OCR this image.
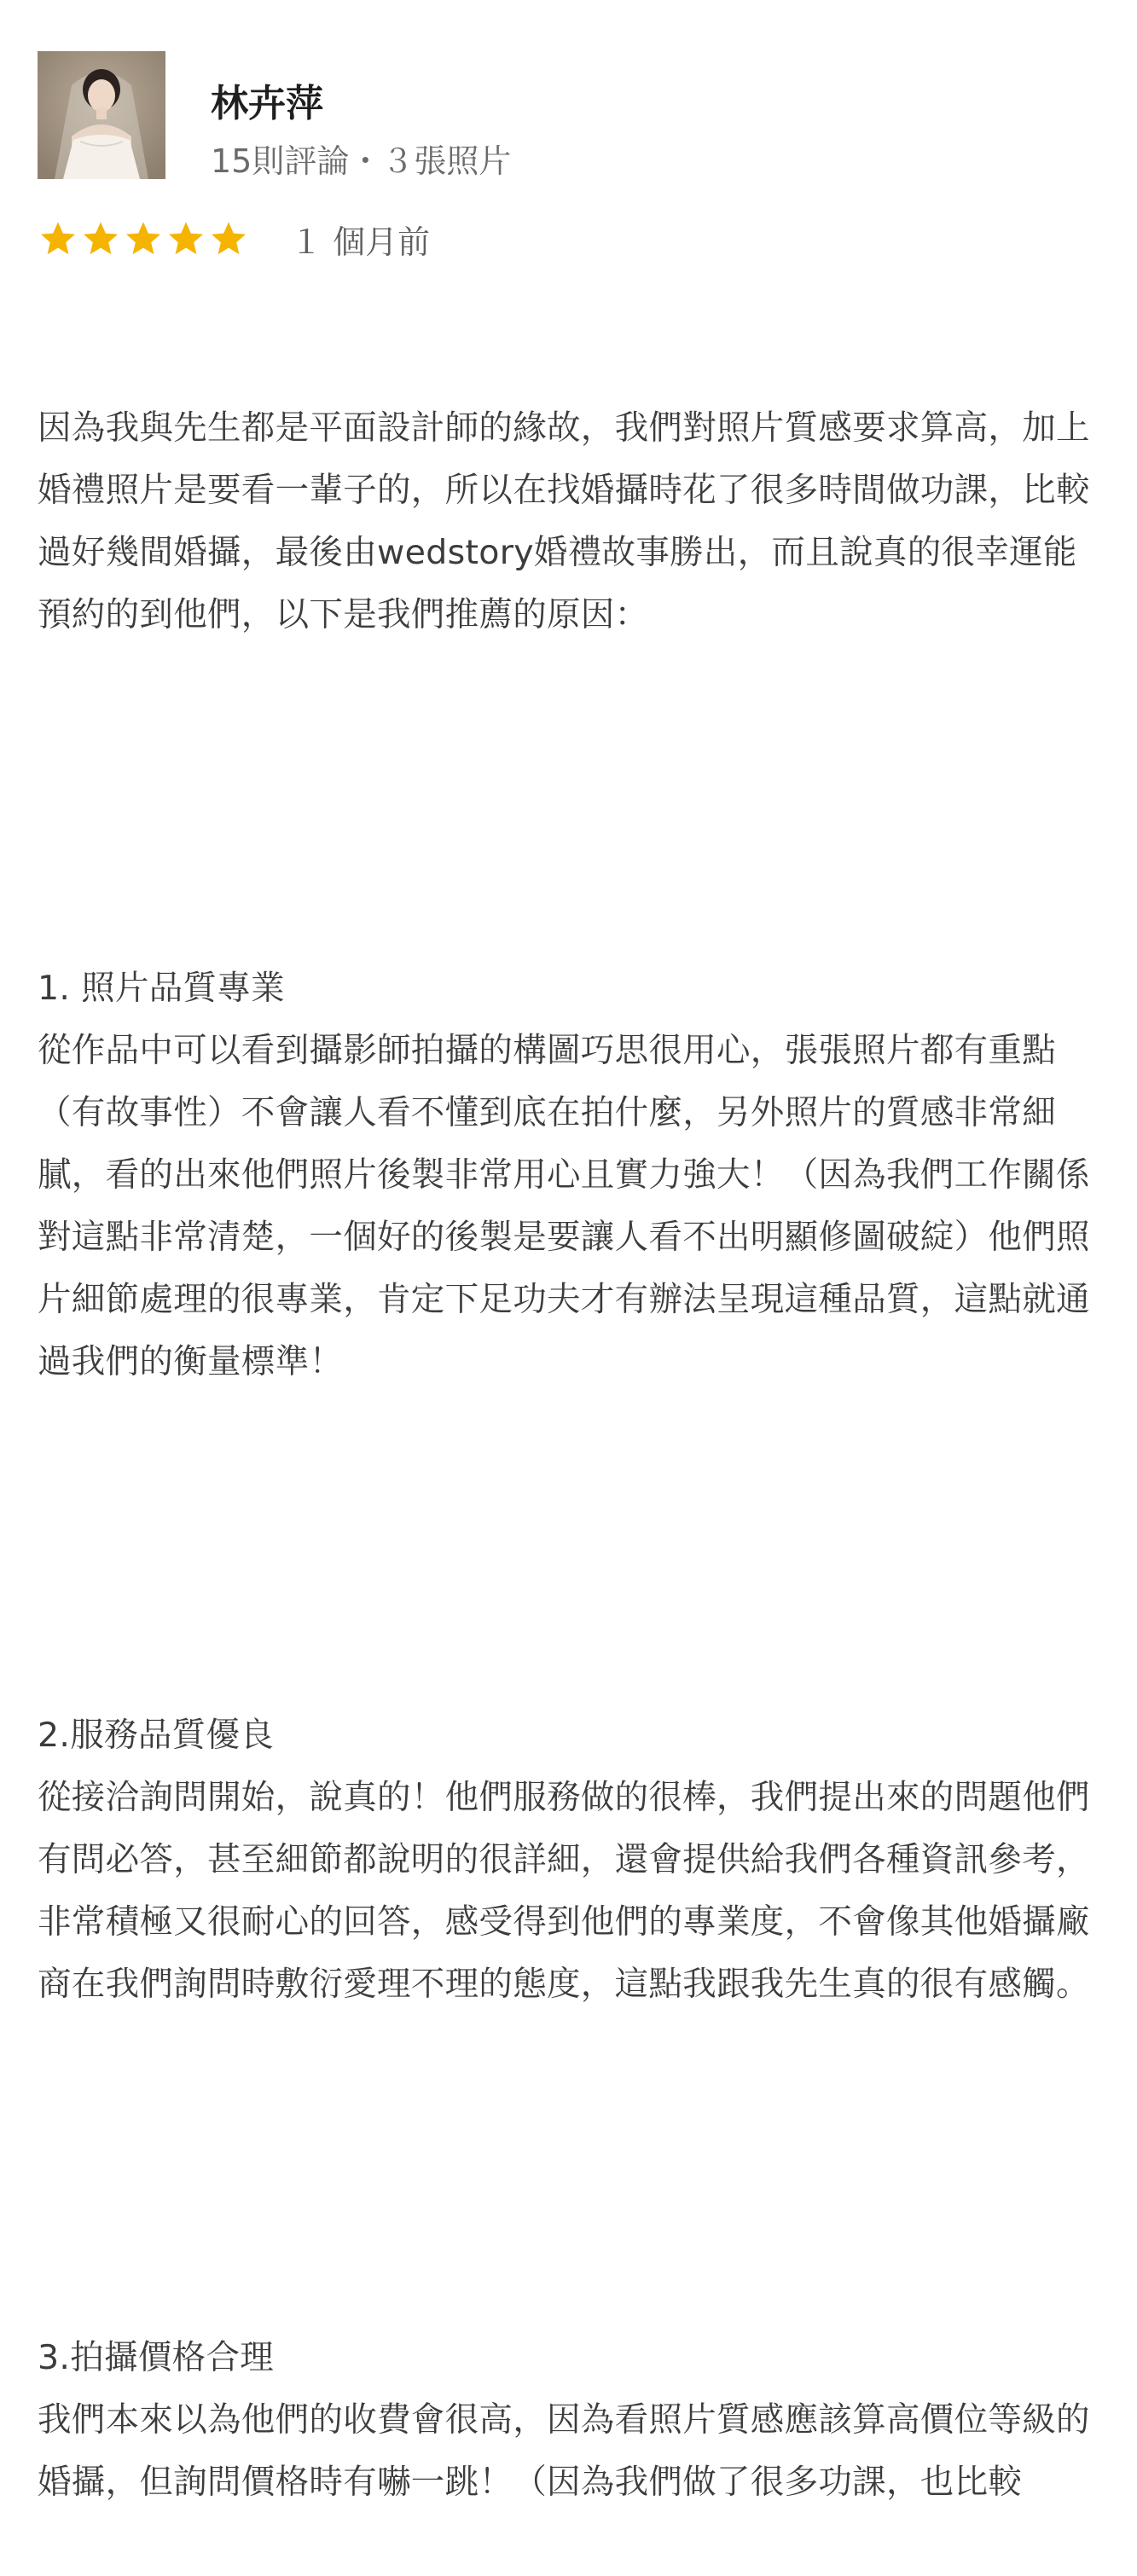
林卉萍
15則評論・３張照片
１ 個月前

因為我與先生都是平面設計師的緣故，我們對照片質感要求算高，加上婚禮照片是要看一輩子的，所以在找婚攝時花了很多時間做功課，比較過好幾間婚攝，最後由wedstory婚禮故事勝出，而且說真的很幸運能預約的到他們，以下是我們推薦的原因：

1. 照片品質專業
從作品中可以看到攝影師拍攝的構圖巧思很用心，張張照片都有重點（有故事性）不會讓人看不懂到底在拍什麼，另外照片的質感非常細膩，看的出來他們照片後製非常用心且實力強大！（因為我們工作關係對這點非常清楚，一個好的後製是要讓人看不出明顯修圖破綻）他們照片細節處理的很專業，肯定下足功夫才有辦法呈現這種品質，這點就通過我們的衡量標準！

2.服務品質優良
從接洽詢問開始，說真的！他們服務做的很棒，我們提出來的問題他們有問必答，甚至細節都說明的很詳細，還會提供給我們各種資訊參考，非常積極又很耐心的回答，感受得到他們的專業度，不會像其他婚攝廠商在我們詢問時敷衍愛理不理的態度，這點我跟我先生真的很有感觸。

3.拍攝價格合理
我們本來以為他們的收費會很高，因為看照片質感應該算高價位等級的婚攝，但詢問價格時有嚇一跳！（因為我們做了很多功課，也比較
